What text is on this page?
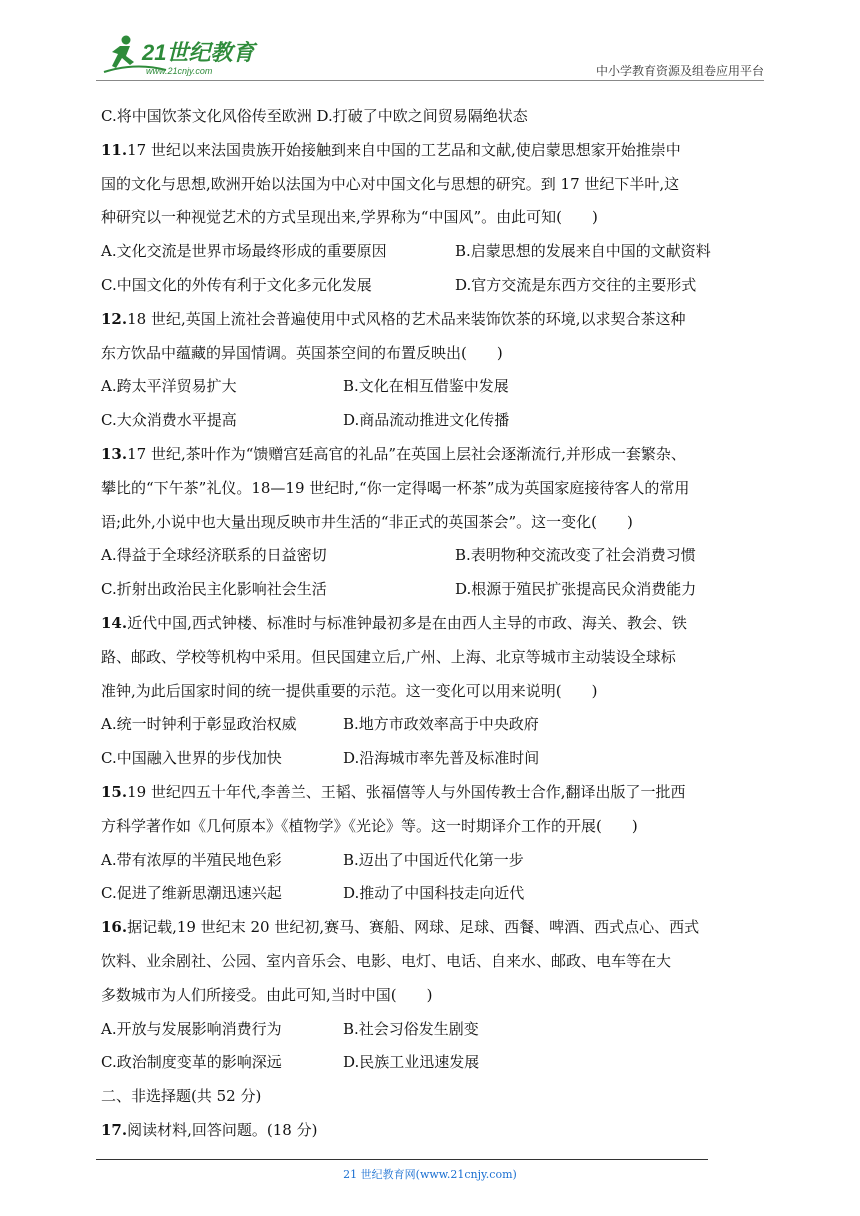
21世纪教育
www.21cnjy.com	中小学教育资源及组卷应用平台
C.将中国饮茶文化风俗传至欧洲 D.打破了中欧之间贸易隔绝状态
11.17 世纪以来法国贵族开始接触到来自中国的工艺品和文献,使启蒙思想家开始推崇中
国的文化与思想,欧洲开始以法国为中心对中国文化与思想的研究。到 17 世纪下半叶,这
种研究以一种视觉艺术的方式呈现出来,学界称为“中国风”。由此可知(　　)
A.文化交流是世界市场最终形成的重要原因	B.启蒙思想的发展来自中国的文献资料
C.中国文化的外传有利于文化多元化发展	D.官方交流是东西方交往的主要形式
12.18 世纪,英国上流社会普遍使用中式风格的艺术品来装饰饮茶的环境,以求契合茶这种
东方饮品中蕴藏的异国情调。英国茶空间的布置反映出(　　)
A.跨太平洋贸易扩大	B.文化在相互借鉴中发展
C.大众消费水平提高	D.商品流动推进文化传播
13.17 世纪,茶叶作为“馈赠宫廷高官的礼品”在英国上层社会逐渐流行,并形成一套繁杂、
攀比的“下午茶”礼仪。18—19 世纪时,“你一定得喝一杯茶”成为英国家庭接待客人的常用
语;此外,小说中也大量出现反映市井生活的“非正式的英国茶会”。这一变化(　　)
A.得益于全球经济联系的日益密切	B.表明物种交流改变了社会消费习惯
C.折射出政治民主化影响社会生活	D.根源于殖民扩张提高民众消费能力
14.近代中国,西式钟楼、标准时与标准钟最初多是在由西人主导的市政、海关、教会、铁
路、邮政、学校等机构中采用。但民国建立后,广州、上海、北京等城市主动装设全球标
准钟,为此后国家时间的统一提供重要的示范。这一变化可以用来说明(　　)
A.统一时钟利于彰显政治权威	B.地方市政效率高于中央政府
C.中国融入世界的步伐加快	D.沿海城市率先普及标准时间
15.19 世纪四五十年代,李善兰、王韬、张福僖等人与外国传教士合作,翻译出版了一批西
方科学著作如《几何原本》《植物学》《光论》等。这一时期译介工作的开展(　　)
A.带有浓厚的半殖民地色彩	B.迈出了中国近代化第一步
C.促进了维新思潮迅速兴起	D.推动了中国科技走向近代
16.据记载,19 世纪末 20 世纪初,赛马、赛船、网球、足球、西餐、啤酒、西式点心、西式
饮料、业余剧社、公园、室内音乐会、电影、电灯、电话、自来水、邮政、电车等在大
多数城市为人们所接受。由此可知,当时中国(　　)
A.开放与发展影响消费行为	B.社会习俗发生剧变
C.政治制度变革的影响深远	D.民族工业迅速发展
二、非选择题(共 52 分)
17.阅读材料,回答问题。(18 分)
21 世纪教育网(www.21cnjy.com)
